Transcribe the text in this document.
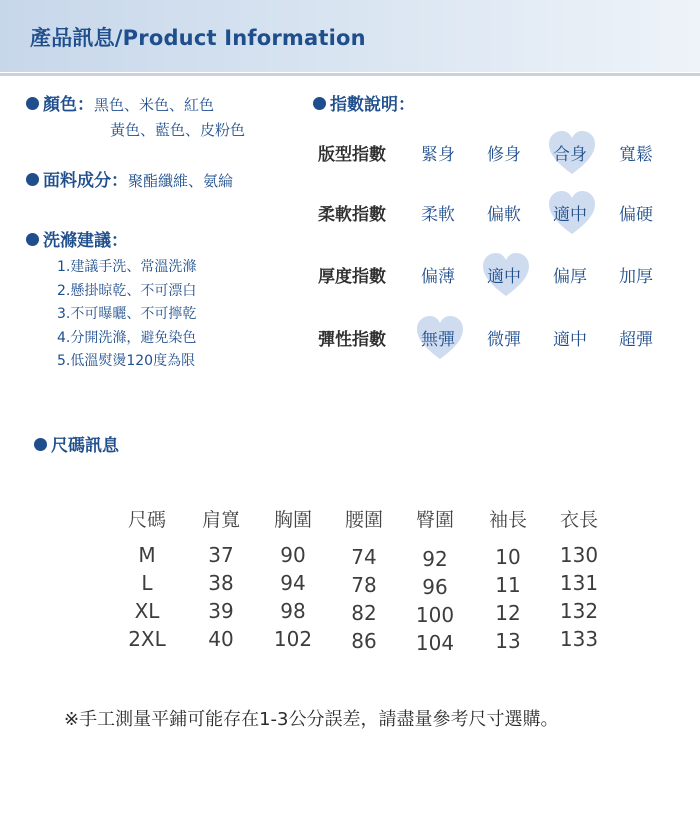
產品訊息/Product Information
顏色：黑色、米色、紅色
黃色、藍色、皮粉色
面料成分：聚酯纖維、氨綸
洗滌建議：
1.建議手洗、常溫洗滌
2.懸掛晾乾、不可漂白
3.不可曝曬、不可擰乾
4.分開洗滌，避免染色
5.低溫熨燙120度為限
指數說明：
版型指數 緊身 修身 合身 寬鬆
柔軟指數 柔軟 偏軟 適中 偏硬
厚度指數 偏薄 適中 偏厚 加厚
彈性指數 無彈 微彈 適中 超彈
尺碼訊息
尺碼 肩寬 胸圍 腰圍 臀圍 袖長 衣長
M	37 90 74 92 10 130
L	38 94 78 96 11 131
XL 39 98 82 100 12 132
2XL 40 102 86 104 13 133
※手工測量平鋪可能存在1-3公分誤差，請盡量參考尺寸選購。
